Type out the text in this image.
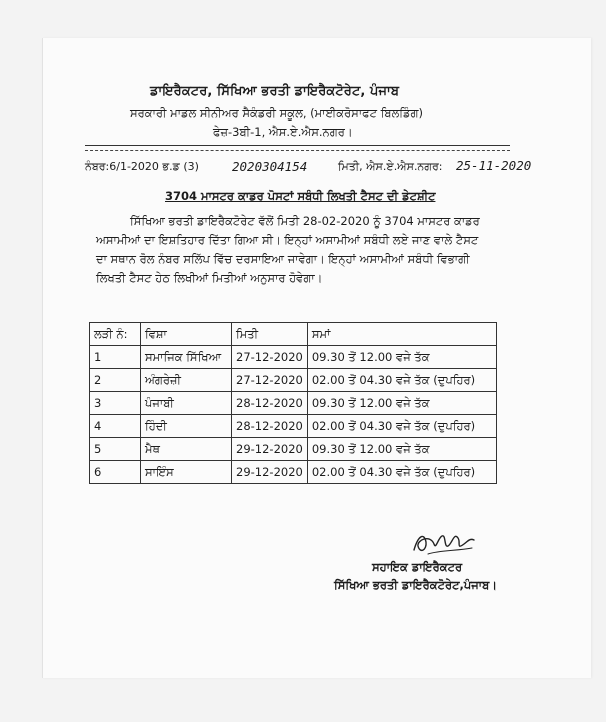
ਡਾਇਰੈਕਟਰ, ਸਿੱਖਿਆ ਭਰਤੀ ਡਾਇਰੈਕਟੋਰੇਟ, ਪੰਜਾਬ
ਸਰਕਾਰੀ ਮਾਡਲ ਸੀਨੀਅਰ ਸੈਕੰਡਰੀ ਸਕੂਲ, (ਮਾਈਕਰੋਸਾਫਟ ਬਿਲਡਿੰਗ)
ਫੇਜ਼-3ਬੀ-1, ਐਸ.ਏ.ਐਸ.ਨਗਰ।
ਨੰਬਰ:6/1-2020 ਭ.ਡ (3)	2020304154	ਮਿਤੀ, ਐਸ.ਏ.ਐਸ.ਨਗਰ: 25-11-2020
3704 ਮਾਸਟਰ ਕਾਡਰ ਪੋਸਟਾਂ ਸਬੰਧੀ ਲਿਖਤੀ ਟੈਸਟ ਦੀ ਡੇਟਸ਼ੀਟ
ਸਿੱਖਿਆ ਭਰਤੀ ਡਾਇਰੈਕਟੋਰੇਟ ਵੱਲੋਂ ਮਿਤੀ 28-02-2020 ਨੂੰ 3704 ਮਾਸਟਰ ਕਾਡਰ
ਅਸਾਮੀਆਂ ਦਾ ਇਸ਼ਤਿਹਾਰ ਦਿੱਤਾ ਗਿਆ ਸੀ। ਇਨ੍ਹਾਂ ਅਸਾਮੀਆਂ ਸਬੰਧੀ ਲਏ ਜਾਣ ਵਾਲੇ ਟੈਸਟ
ਦਾ ਸਥਾਨ ਰੋਲ ਨੰਬਰ ਸਲਿੱਪ ਵਿੱਚ ਦਰਸਾਇਆ ਜਾਵੇਗਾ। ਇਨ੍ਹਾਂ ਅਸਾਮੀਆਂ ਸਬੰਧੀ ਵਿਭਾਗੀ
ਲਿਖਤੀ ਟੈਸਟ ਹੇਠ ਲਿਖੀਆਂ ਮਿਤੀਆਂ ਅਨੁਸਾਰ ਹੋਵੇਗਾ।
ਲੜੀ ਨੰ:	ਵਿਸ਼ਾ	ਮਿਤੀ	ਸਮਾਂ
1	ਸਮਾਜਿਕ ਸਿੱਖਿਆ	27-12-2020	09.30 ਤੋਂ 12.00 ਵਜੇ ਤੱਕ
2	ਅੰਗਰੇਜ਼ੀ	27-12-2020	02.00 ਤੋਂ 04.30 ਵਜੇ ਤੱਕ (ਦੁਪਹਿਰ)
3	ਪੰਜਾਬੀ	28-12-2020	09.30 ਤੋਂ 12.00 ਵਜੇ ਤੱਕ
4	ਹਿੰਦੀ	28-12-2020	02.00 ਤੋਂ 04.30 ਵਜੇ ਤੱਕ (ਦੁਪਹਿਰ)
5	ਮੈਥ	29-12-2020	09.30 ਤੋਂ 12.00 ਵਜੇ ਤੱਕ
6	ਸਾਇੰਸ	29-12-2020	02.00 ਤੋਂ 04.30 ਵਜੇ ਤੱਕ (ਦੁਪਹਿਰ)
ਸਹਾਇਕ ਡਾਇਰੈਕਟਰ
ਸਿੱਖਿਆ ਭਰਤੀ ਡਾਇਰੈਕਟੋਰੇਟ,ਪੰਜਾਬ।
